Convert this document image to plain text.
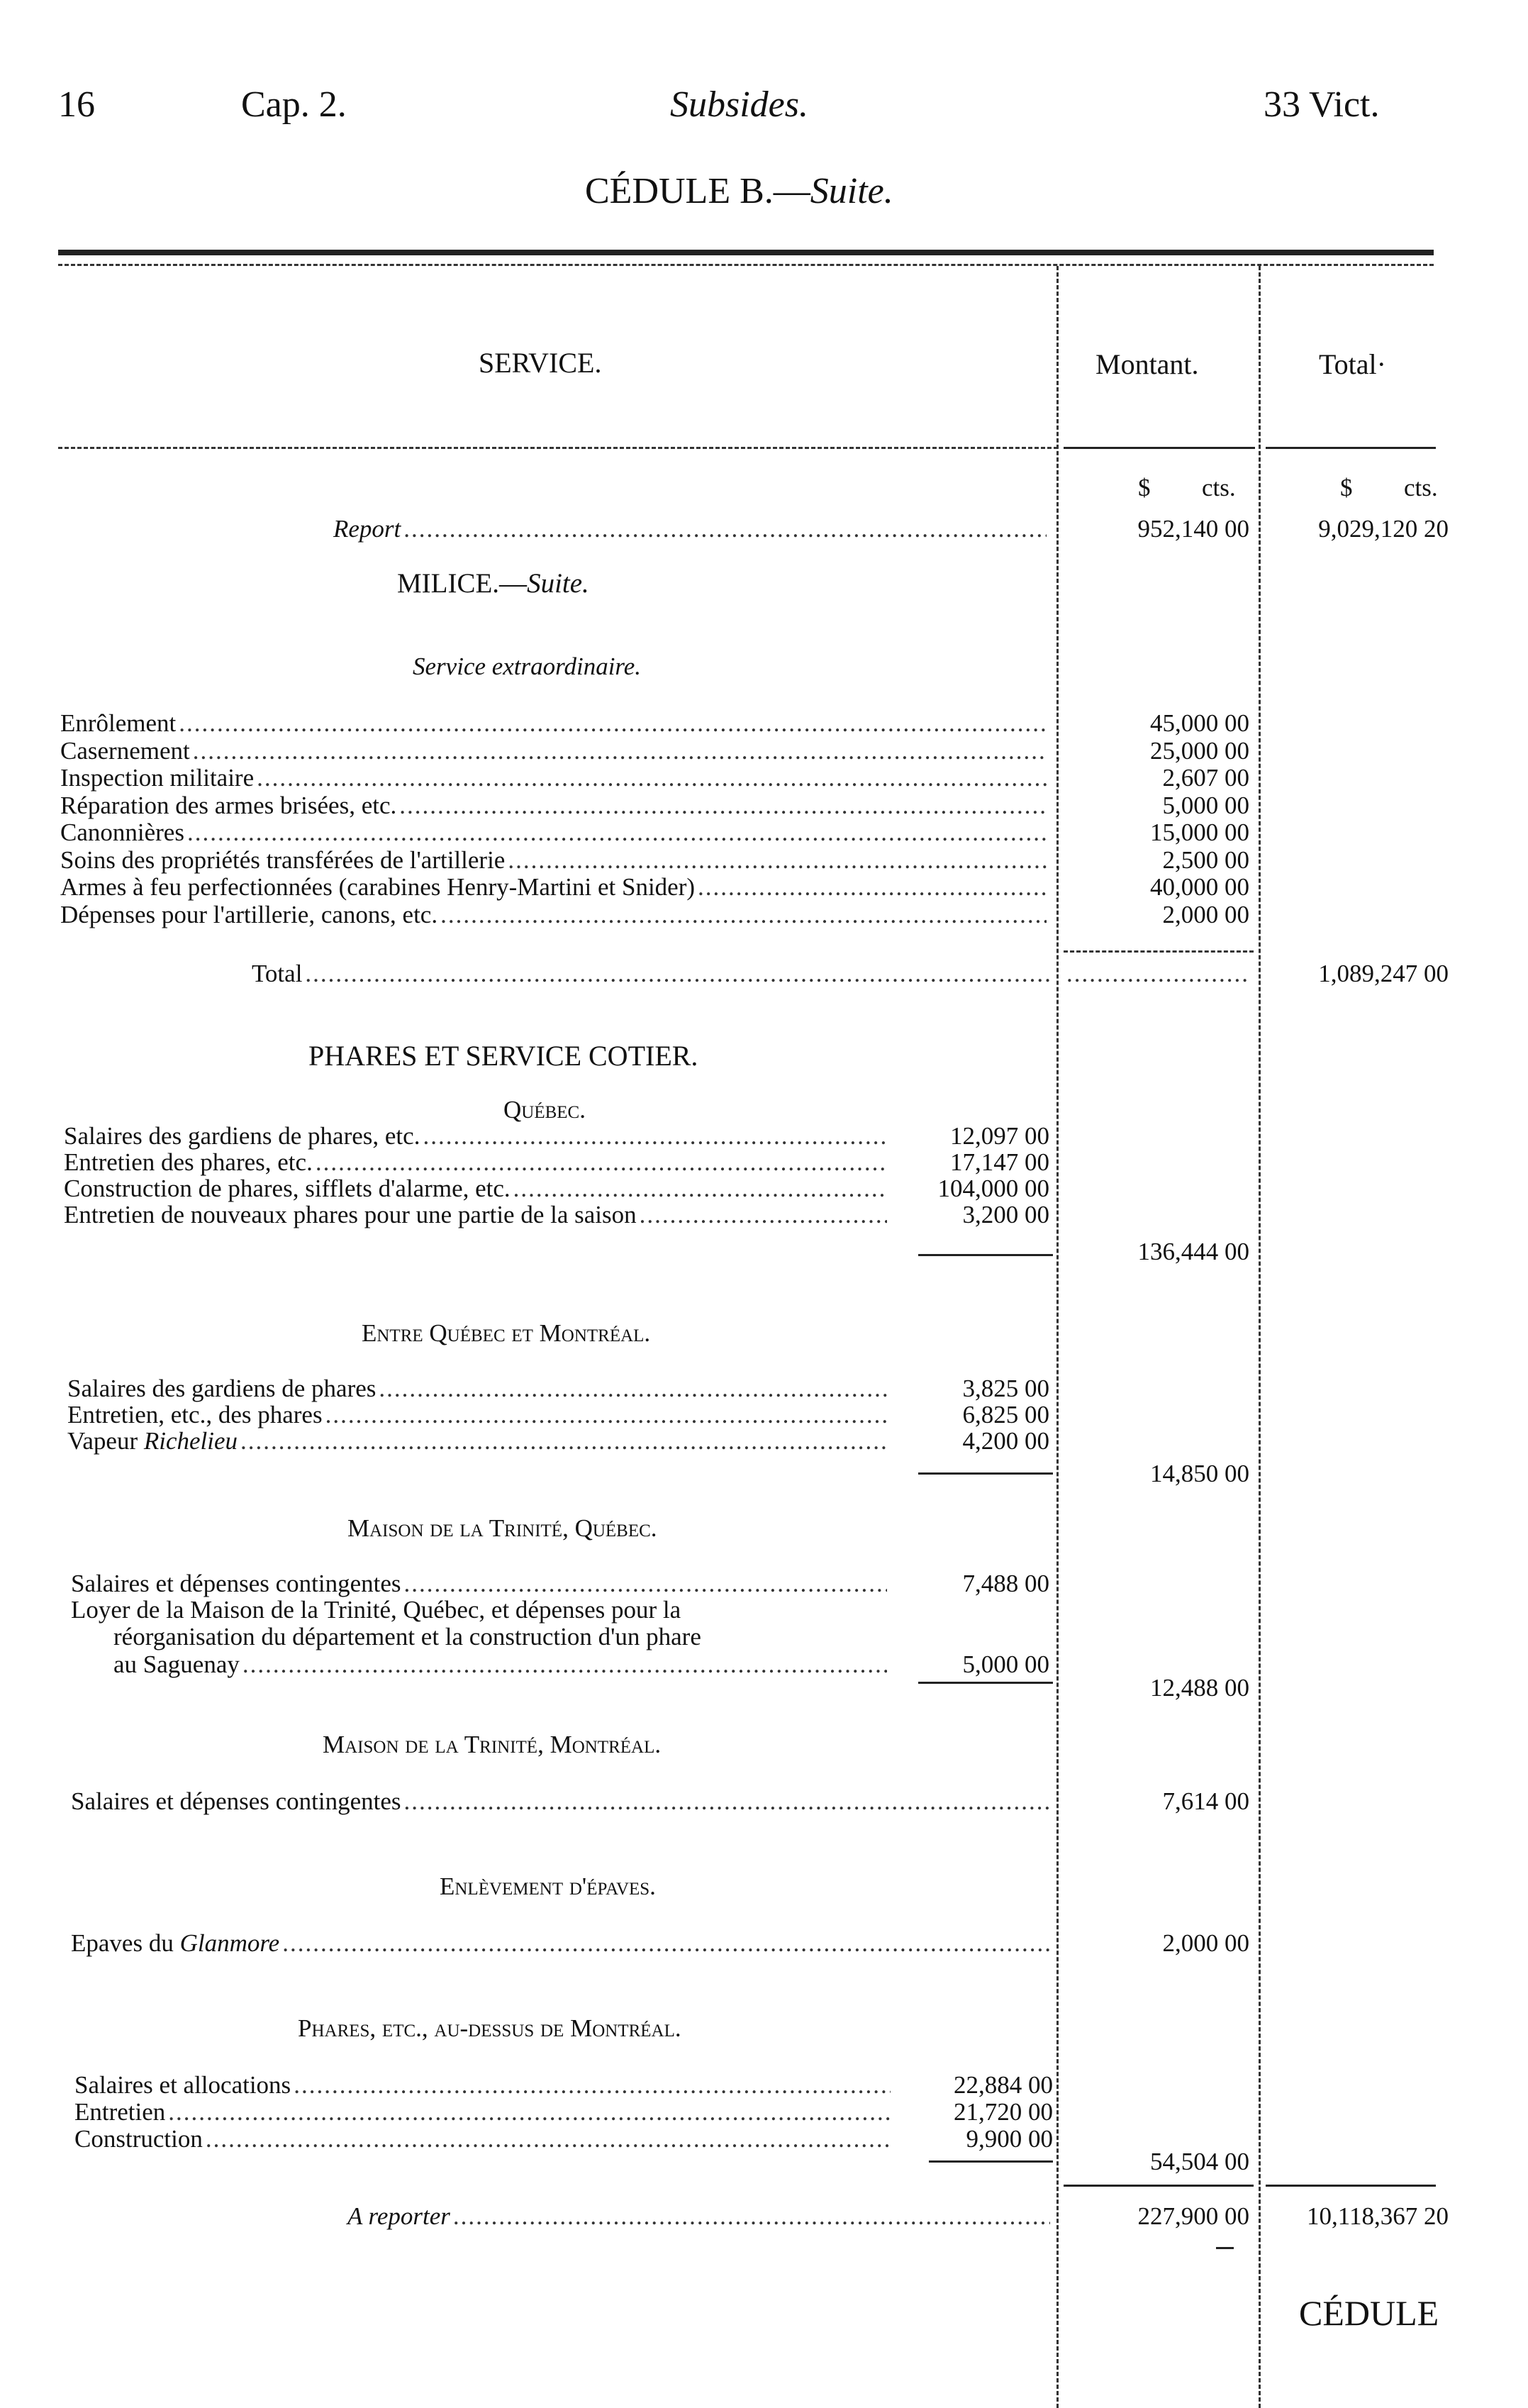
16	Cap. 2.	Subsides.	33 Vict.
CÉDULE B.—Suite.
SERVICE.	Montant.	Total·
$ cts.	$ cts.
Report .....	952,140 00	9,029,120 20
MILICE.—Suite.
Service extraordinaire.
Enrôlement .....	45,000 00
Casernement .....	25,000 00
Inspection militaire .....	2,607 00
Réparation des armes brisées, etc. .....	5,000 00
Canonnières .....	15,000 00
Soins des propriétés transférées de l'artillerie .....	2,500 00
Armes à feu perfectionnées (carabines Henry-Martini et Snider) .....	40,000 00
Dépenses pour l'artillerie, canons, etc. .....	2,000 00
Total ..... .....	1,089,247 00
PHARES ET SERVICE COTIER.
Québec.
Salaires des gardiens de phares, etc. .....	12,097 00
Entretien des phares, etc. .....	17,147 00
Construction de phares, sifflets d'alarme, etc. .....	104,000 00
Entretien de nouveaux phares pour une partie de la saison .....	3,200 00
136,444 00
Entre Québec et Montréal.
Salaires des gardiens de phares .....	3,825 00
Entretien, etc., des phares .....	6,825 00
Vapeur Richelieu .....	4,200 00
14,850 00
Maison de la Trinité, Québec.
Salaires et dépenses contingentes .....	7,488 00
Loyer de la Maison de la Trinité, Québec, et dépenses pour la
réorganisation du département et la construction d'un phare
au Saguenay .....	5,000 00
12,488 00
Maison de la Trinité, Montréal.
Salaires et dépenses contingentes .....	7,614 00
Enlèvement d'épaves.
Epaves du Glanmore .....	2,000 00
Phares, etc., au-dessus de Montréal.
Salaires et allocations .....	22,884 00
Entretien .....	21,720 00
Construction .....	9,900 00
54,504 00
A reporter .....	227,900 00	10,118,367 20
CÉDULE
